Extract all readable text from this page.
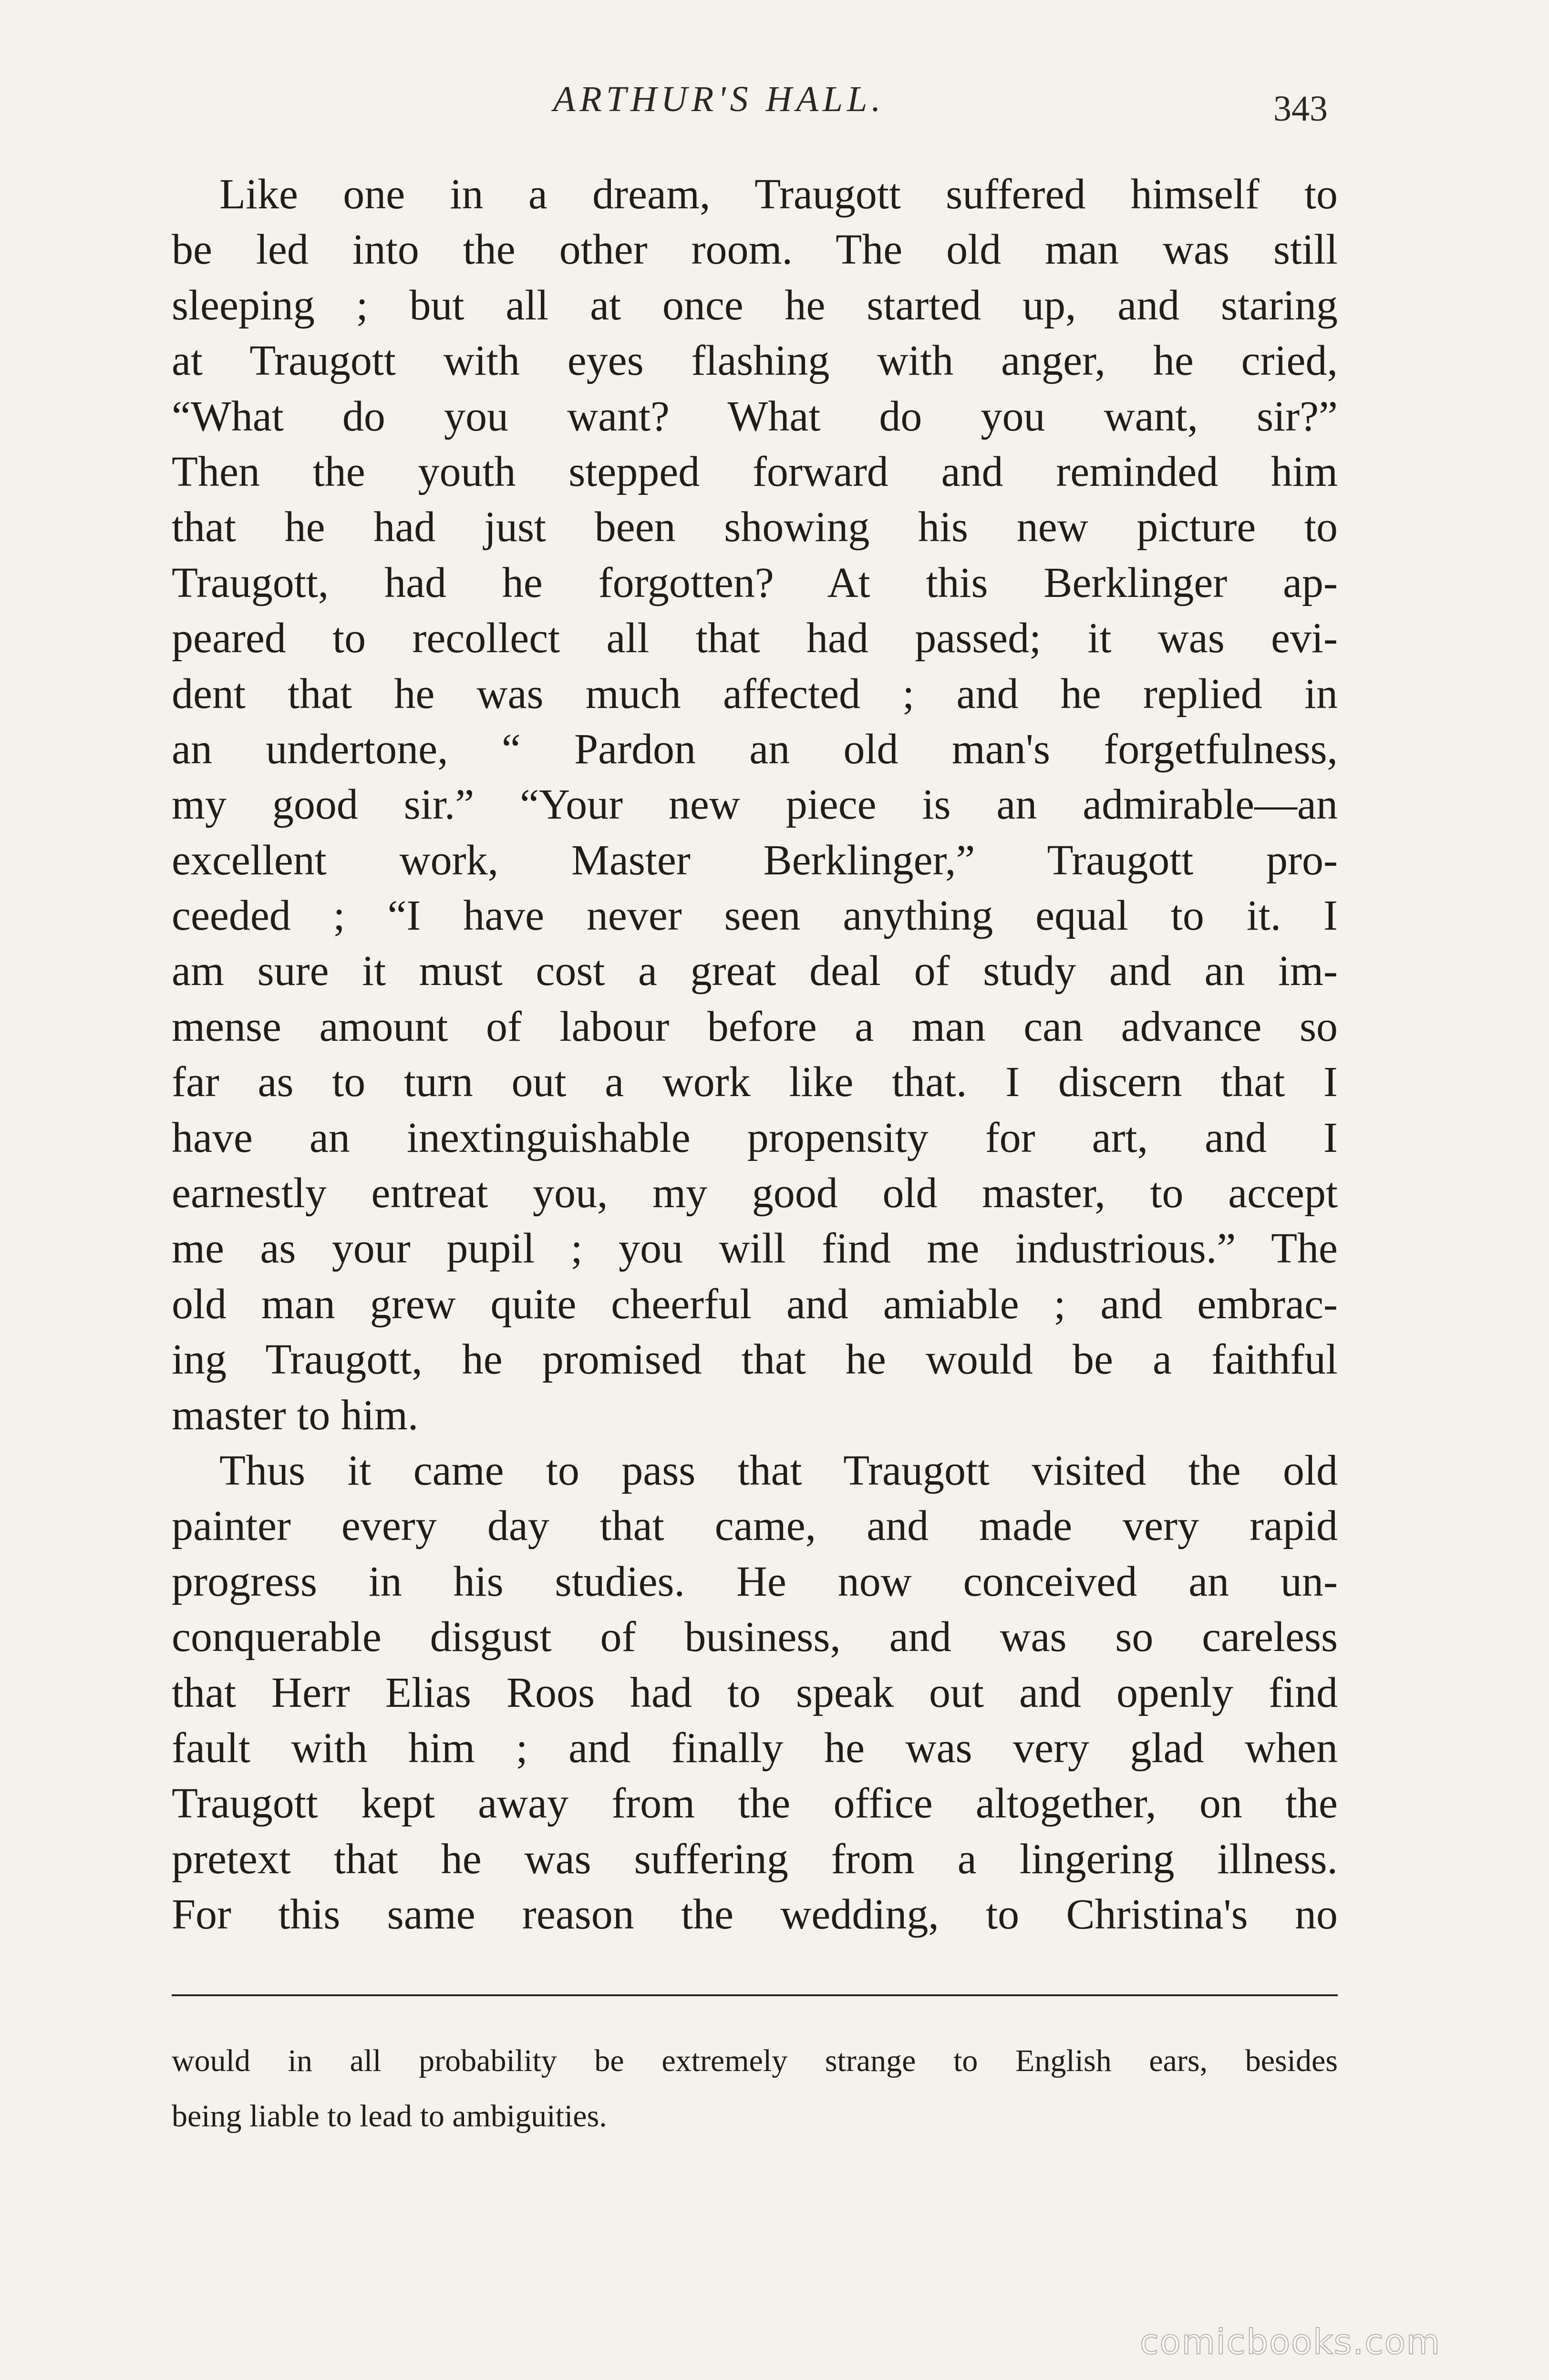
ARTHUR'S HALL.	343
Like one in a dream, Traugott suffered himself to
be led into the other room. The old man was still
sleeping ; but all at once he started up, and staring
at Traugott with eyes flashing with anger, he cried,
“What do you want? What do you want, sir?”
Then the youth stepped forward and reminded him
that he had just been showing his new picture to
Traugott, had he forgotten? At this Berklinger ap-
peared to recollect all that had passed; it was evi-
dent that he was much affected ; and he replied in
an undertone, “ Pardon an old man's forgetfulness,
my good sir.” “Your new piece is an admirable—an
excellent work, Master Berklinger,” Traugott pro-
ceeded ; “I have never seen anything equal to it. I
am sure it must cost a great deal of study and an im-
mense amount of labour before a man can advance so
far as to turn out a work like that. I discern that I
have an inextinguishable propensity for art, and I
earnestly entreat you, my good old master, to accept
me as your pupil ; you will find me industrious.” The
old man grew quite cheerful and amiable ; and embrac-
ing Traugott, he promised that he would be a faithful
master to him.
Thus it came to pass that Traugott visited the old
painter every day that came, and made very rapid
progress in his studies. He now conceived an un-
conquerable disgust of business, and was so careless
that Herr Elias Roos had to speak out and openly find
fault with him ; and finally he was very glad when
Traugott kept away from the office altogether, on the
pretext that he was suffering from a lingering illness.
For this same reason the wedding, to Christina's no
would in all probability be extremely strange to English ears, besides
being liable to lead to ambiguities.
comicbooks.com
